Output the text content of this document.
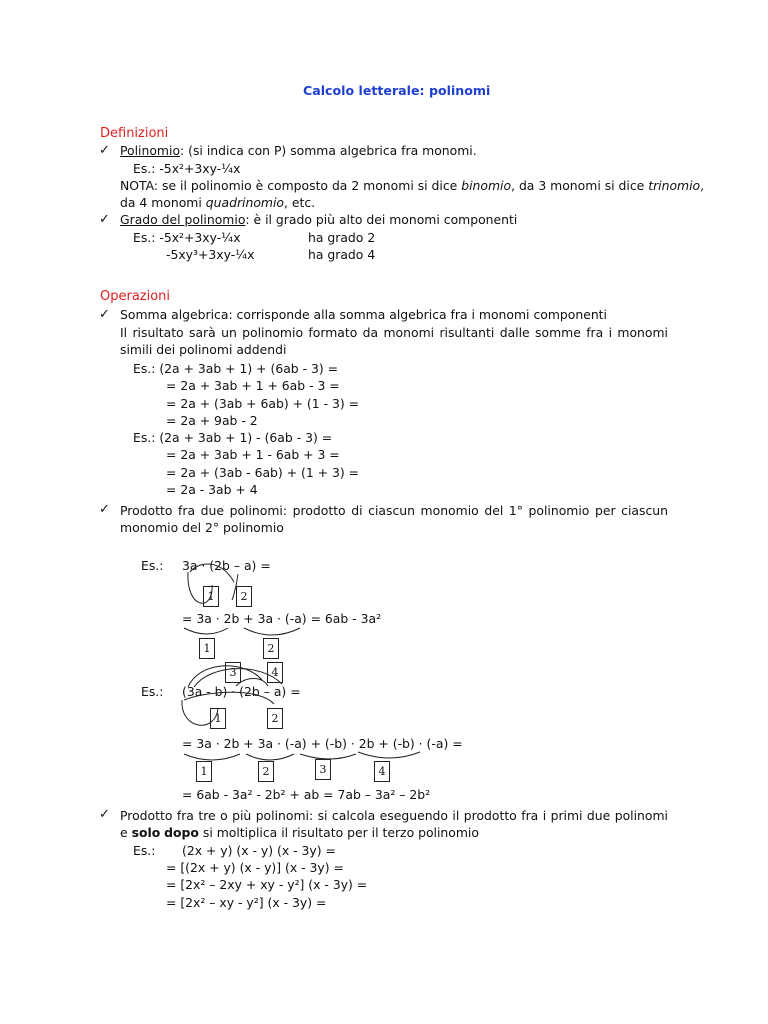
Calcolo letterale: polinomi
Definizioni
✓ Polinomio: (si indica con P) somma algebrica fra monomi.
Es.: -5x²+3xy-¼x
NOTA: se il polinomio è composto da 2 monomi si dice binomio, da 3 monomi si dice trinomio,
da 4 monomi quadrinomio, etc.
✓ Grado del polinomio: è il grado più alto dei monomi componenti
Es.: -5x²+3xy-¼x	ha grado 2
-5xy³+3xy-¼x	ha grado 4
Operazioni
✓ Somma algebrica: corrisponde alla somma algebrica fra i monomi componenti
Il risultato sarà un polinomio formato da monomi risultanti dalle somme fra i monomi simili dei polinomi addendi
Es.: (2a + 3ab + 1) + (6ab - 3) =
= 2a + 3ab + 1 + 6ab - 3 =
= 2a + (3ab + 6ab) + (1 - 3) =
= 2a + 9ab - 2
Es.: (2a + 3ab + 1) - (6ab - 3) =
= 2a + 3ab + 1 - 6ab + 3 =
= 2a + (3ab - 6ab) + (1 + 3) =
= 2a - 3ab + 4
✓ Prodotto fra due polinomi: prodotto di ciascun monomio del 1° polinomio per ciascun monomio del 2° polinomio
Es.: 3a · (2b – a) =
1	2
= 3a · 2b + 3a · (-a) = 6ab - 3a²
1	2
3	4
Es.: (3a - b) · (2b – a) =
1	2
= 3a · 2b + 3a · (-a) + (-b) · 2b + (-b) · (-a) =
1	2	3	4
= 6ab - 3a² - 2b² + ab = 7ab – 3a² – 2b²
✓ Prodotto fra tre o più polinomi: si calcola eseguendo il prodotto fra i primi due polinomi e solo dopo si moltiplica il risultato per il terzo polinomio
Es.: (2x + y) (x - y) (x - 3y) =
= [(2x + y) (x - y)] (x - 3y) =
= [2x² – 2xy + xy - y²] (x - 3y) =
= [2x² – xy - y²] (x - 3y) =
